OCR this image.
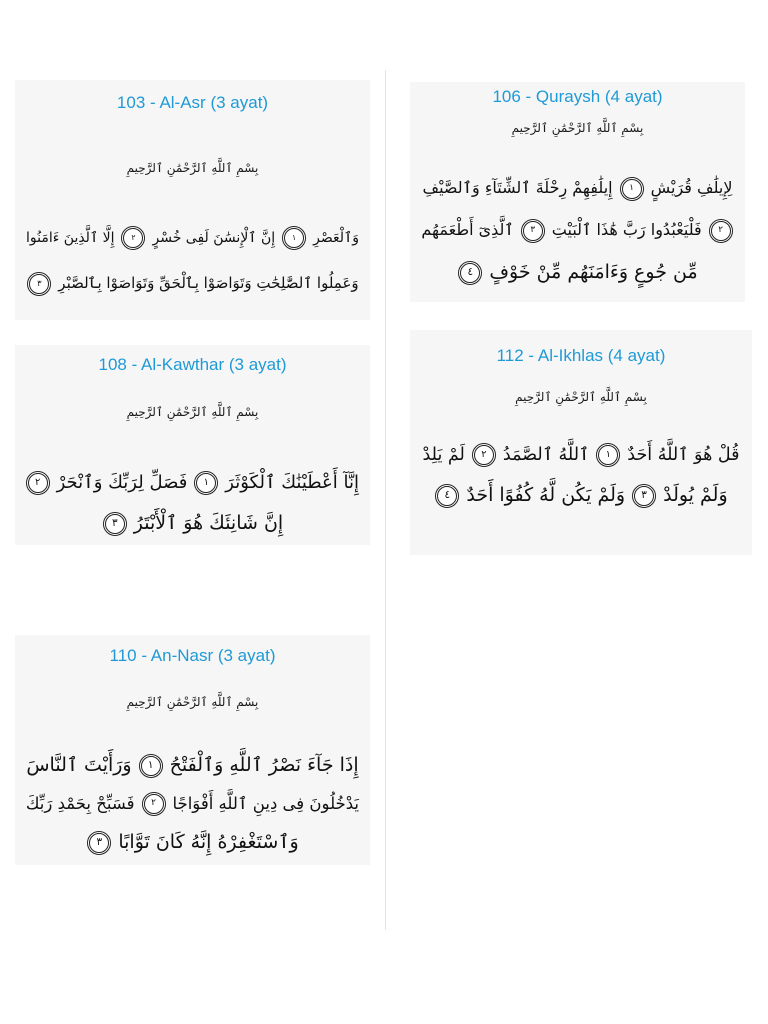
103 - Al-Asr (3 ayat)
بِسْمِ ٱللَّهِ ٱلرَّحْمَٰنِ ٱلرَّحِيمِ
وَٱلْعَصْرِ١إِنَّ ٱلْإِنسَٰنَ لَفِى خُسْرٍ٢إِلَّا ٱلَّذِينَ ءَامَنُوا
وَعَمِلُوا ٱلصَّٰلِحَٰتِ وَتَوَاصَوْا بِٱلْحَقِّ وَتَوَاصَوْا بِٱلصَّبْرِ٣
108 - Al-Kawthar (3 ayat)
بِسْمِ ٱللَّهِ ٱلرَّحْمَٰنِ ٱلرَّحِيمِ
إِنَّآ أَعْطَيْنَٰكَ ٱلْكَوْثَرَ١فَصَلِّ لِرَبِّكَ وَٱنْحَرْ٢
إِنَّ شَانِئَكَ هُوَ ٱلْأَبْتَرُ٣
110 - An-Nasr (3 ayat)
بِسْمِ ٱللَّهِ ٱلرَّحْمَٰنِ ٱلرَّحِيمِ
إِذَا جَآءَ نَصْرُ ٱللَّهِ وَٱلْفَتْحُ١وَرَأَيْتَ ٱلنَّاسَ
يَدْخُلُونَ فِى دِينِ ٱللَّهِ أَفْوَاجًا٢فَسَبِّحْ بِحَمْدِ رَبِّكَ
وَٱسْتَغْفِرْهُ إِنَّهُ كَانَ تَوَّابًا٣
106 - Quraysh (4 ayat)
بِسْمِ ٱللَّهِ ٱلرَّحْمَٰنِ ٱلرَّحِيمِ
لِإِيلَٰفِ قُرَيْشٍ١إِيلَٰفِهِمْ رِحْلَةَ ٱلشِّتَآءِ وَٱلصَّيْفِ
٢فَلْيَعْبُدُوا رَبَّ هَٰذَا ٱلْبَيْتِ٣ٱلَّذِىٓ أَطْعَمَهُم
مِّن جُوعٍ وَءَامَنَهُم مِّنْ خَوْفٍ٤
112 - Al-Ikhlas (4 ayat)
بِسْمِ ٱللَّهِ ٱلرَّحْمَٰنِ ٱلرَّحِيمِ
قُلْ هُوَ ٱللَّهُ أَحَدٌ١ٱللَّهُ ٱلصَّمَدُ٢لَمْ يَلِدْ
وَلَمْ يُولَدْ٣وَلَمْ يَكُن لَّهُ كُفُوًا أَحَدٌ٤
